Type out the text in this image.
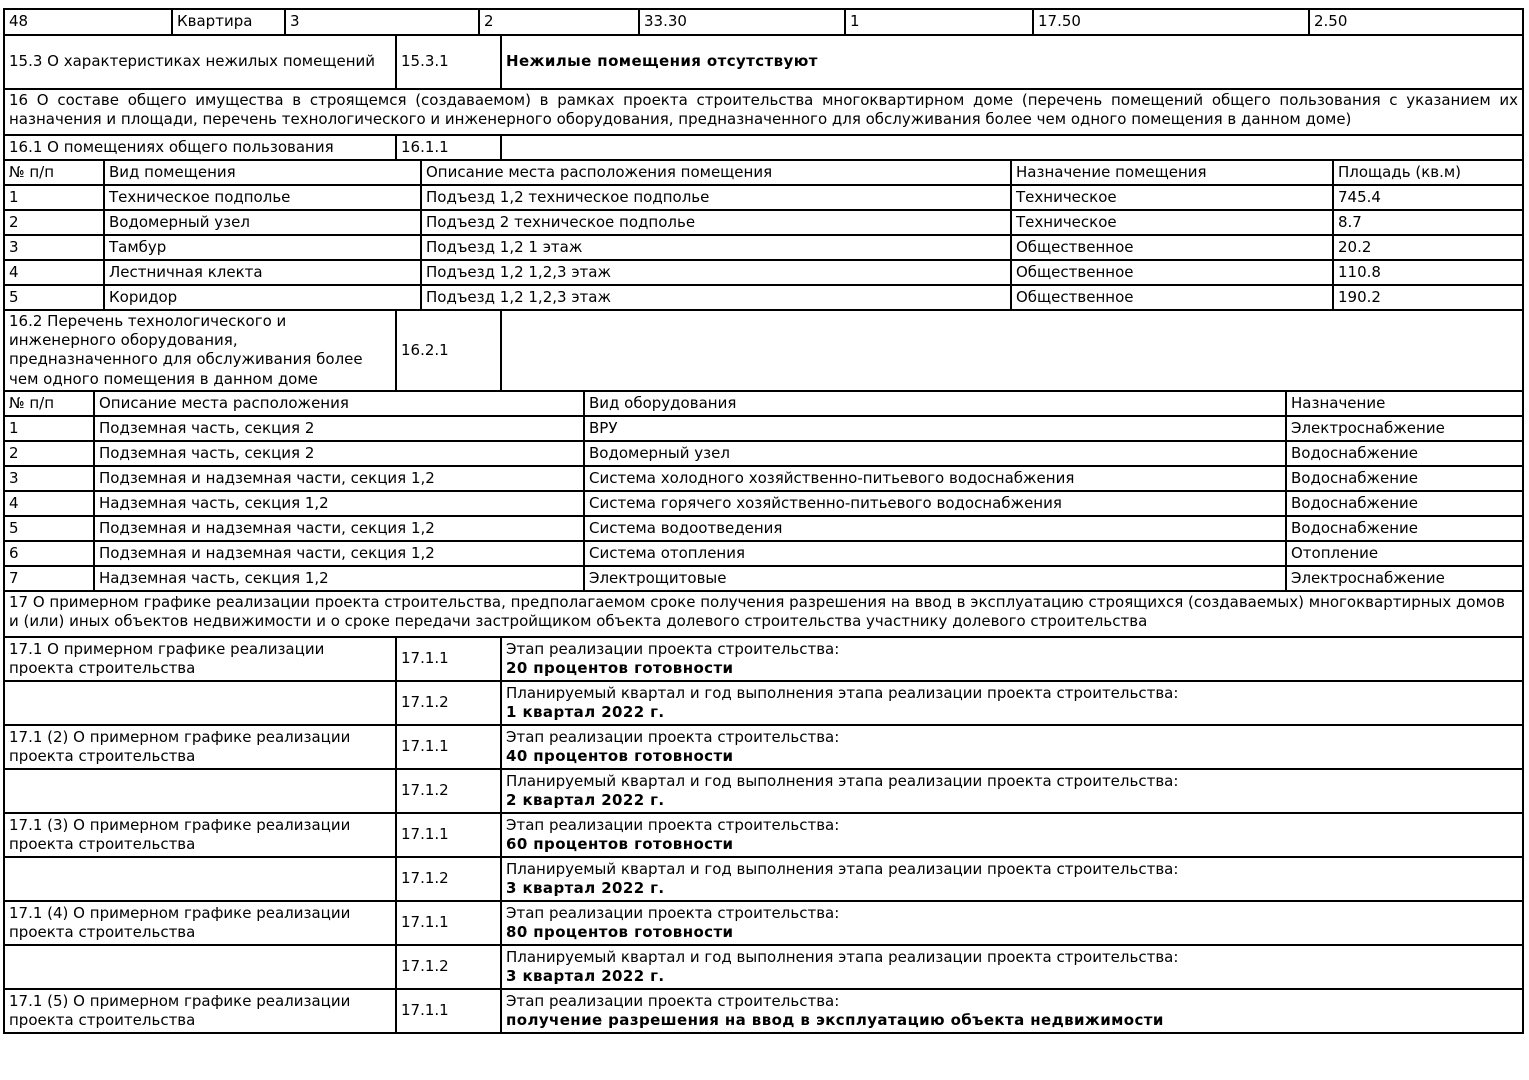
48	Квартира	3	2	33.30	1	17.50	2.50
15.3 О характеристиках нежилых помещений	15.3.1	Нежилые помещения отсутствуют
16 О составе общего имущества в строящемся (создаваемом) в рамках проекта строительства многоквартирном доме (перечень помещений общего пользования с указанием их назначения и площади, перечень технологического и инженерного оборудования, предназначенного для обслуживания более чем одного помещения в данном доме)
16.1 О помещениях общего пользования	16.1.1	
№ п/п	Вид помещения	Описание места расположения помещения	Назначение помещения	Площадь (кв.м)
1	Техническое подполье	Подъезд 1,2 техническое подполье	Техническое	745.4
2	Водомерный узел	Подъезд 2 техническое подполье	Техническое	8.7
3	Тамбур	Подъезд 1,2 1 этаж	Общественное	20.2
4	Лестничная клекта	Подъезд 1,2 1,2,3 этаж	Общественное	110.8
5	Коридор	Подъезд 1,2 1,2,3 этаж	Общественное	190.2
16.2 Перечень технологического и инженерного оборудования, предназначенного для обслуживания более чем одного помещения в данном доме	16.2.1	
№ п/п	Описание места расположения	Вид оборудования	Назначение
1	Подземная часть, секция 2	ВРУ	Электроснабжение
2	Подземная часть, секция 2	Водомерный узел	Водоснабжение
3	Подземная и надземная части, секция 1,2	Система холодного хозяйственно-питьевого водоснабжения	Водоснабжение
4	Надземная часть, секция 1,2	Система горячего хозяйственно-питьевого водоснабжения	Водоснабжение
5	Подземная и надземная части, секция 1,2	Система водоотведения	Водоснабжение
6	Подземная и надземная части, секция 1,2	Система отопления	Отопление
7	Надземная часть, секция 1,2	Электрощитовые	Электроснабжение
17 О примерном графике реализации проекта строительства, предполагаемом сроке получения разрешения на ввод в эксплуатацию строящихся (создаваемых) многоквартирных домов и (или) иных объектов недвижимости и о сроке передачи застройщиком объекта долевого строительства участнику долевого строительства
17.1 О примерном графике реализации проекта строительства	17.1.1	Этап реализации проекта строительства:
20 процентов готовности

	17.1.2	Планируемый квартал и год выполнения этапа реализации проекта строительства:
1 квартал 2022 г.

17.1 (2) О примерном графике реализации проекта строительства	17.1.1	Этап реализации проекта строительства:
40 процентов готовности

	17.1.2	Планируемый квартал и год выполнения этапа реализации проекта строительства:
2 квартал 2022 г.

17.1 (3) О примерном графике реализации проекта строительства	17.1.1	Этап реализации проекта строительства:
60 процентов готовности

	17.1.2	Планируемый квартал и год выполнения этапа реализации проекта строительства:
3 квартал 2022 г.

17.1 (4) О примерном графике реализации проекта строительства	17.1.1	Этап реализации проекта строительства:
80 процентов готовности

	17.1.2	Планируемый квартал и год выполнения этапа реализации проекта строительства:
3 квартал 2022 г.

17.1 (5) О примерном графике реализации проекта строительства	17.1.1	Этап реализации проекта строительства:
получение разрешения на ввод в эксплуатацию объекта недвижимости
